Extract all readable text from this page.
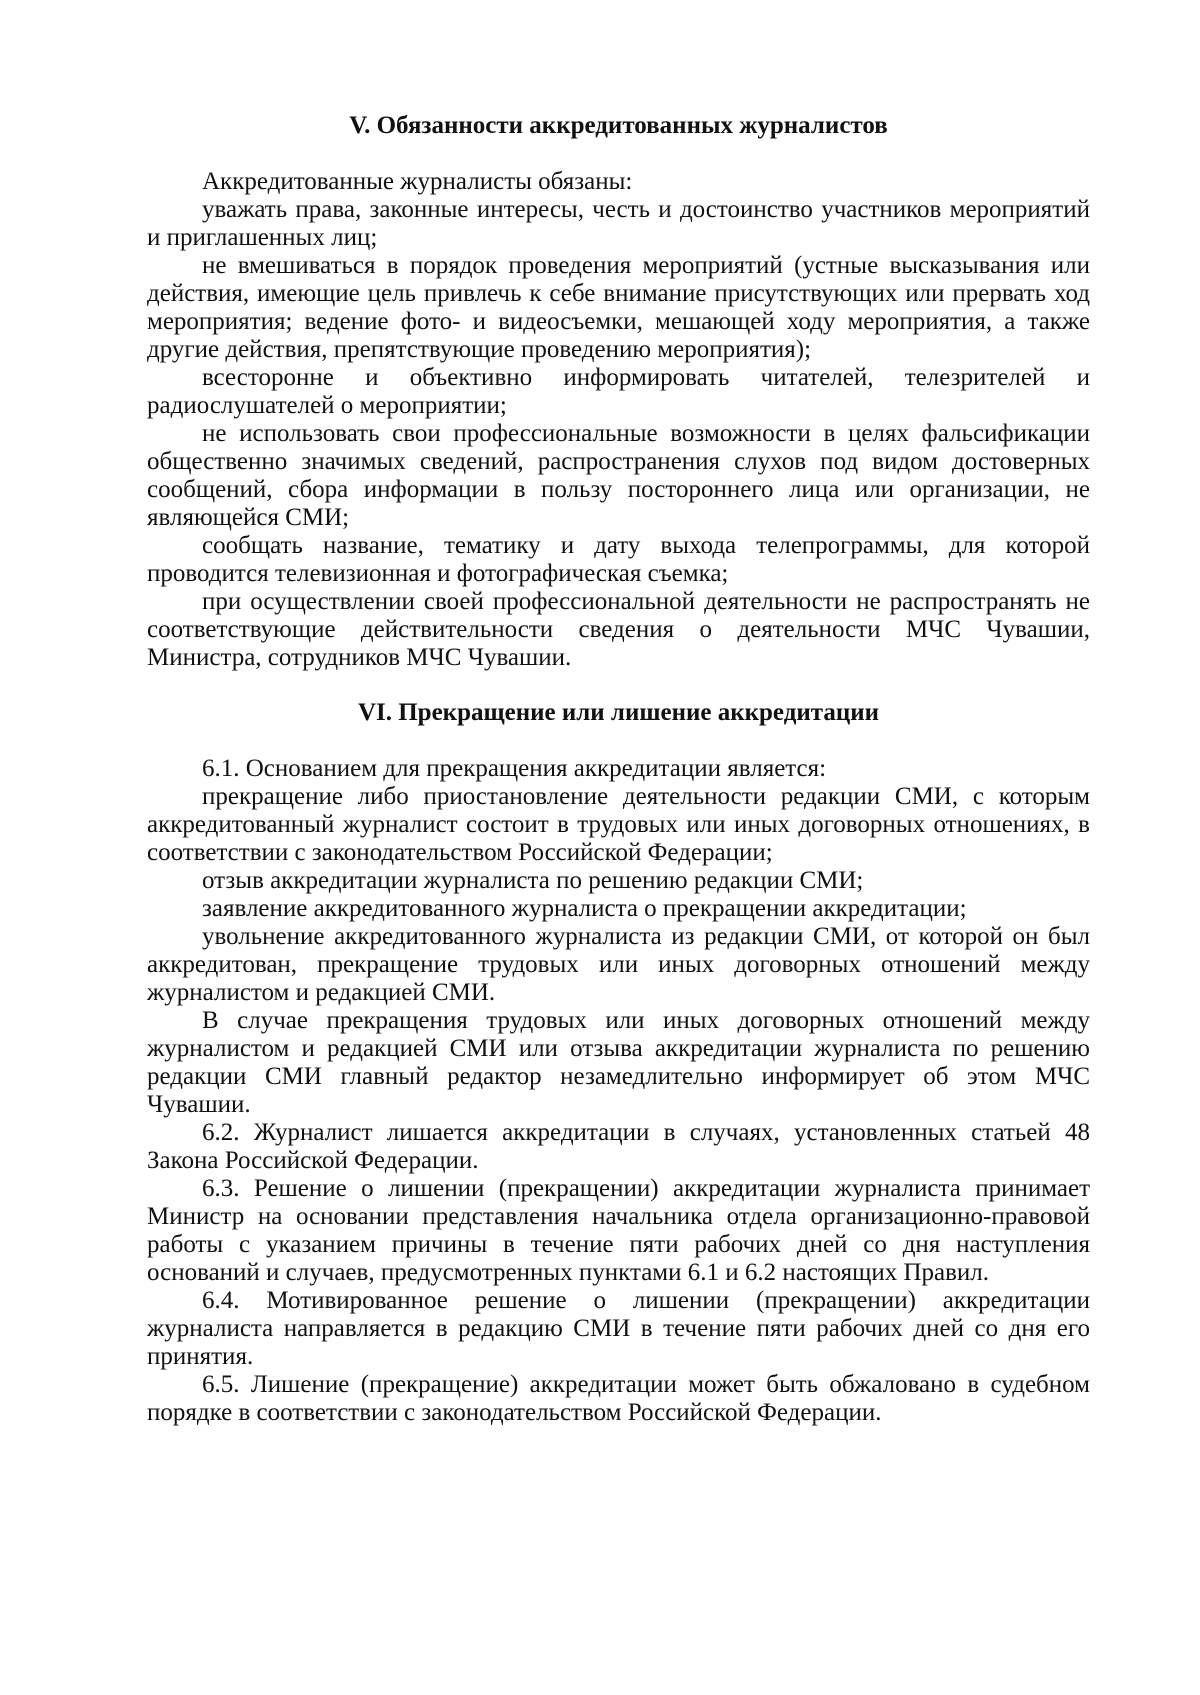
V. Обязанности аккредитованных журналистов

Аккредитованные журналисты обязаны:

уважать права, законные интересы, честь и достоинство участников мероприятий и приглашенных лиц;

не вмешиваться в порядок проведения мероприятий (устные высказывания или действия, имеющие цель привлечь к себе внимание присутствующих или прервать ход мероприятия; ведение фото- и видеосъемки, мешающей ходу мероприятия, а также другие действия, препятствующие проведению мероприятия);

всесторонне и объективно информировать читателей, телезрителей и радиослушателей о мероприятии;

не использовать свои профессиональные возможности в целях фальсификации общественно значимых сведений, распространения слухов под видом достоверных сообщений, сбора информации в пользу постороннего лица или организации, не являющейся СМИ;

сообщать название, тематику и дату выхода телепрограммы, для которой проводится телевизионная и фотографическая съемка;

при осуществлении своей профессиональной деятельности не распространять не соответствующие действительности сведения о деятельности МЧС Чувашии, Министра, сотрудников МЧС Чувашии.

VI. Прекращение или лишение аккредитации

6.1. Основанием для прекращения аккредитации является:

прекращение либо приостановление деятельности редакции СМИ, с которым аккредитованный журналист состоит в трудовых или иных договорных отношениях, в соответствии с законодательством Российской Федерации;

отзыв аккредитации журналиста по решению редакции СМИ;

заявление аккредитованного журналиста о прекращении аккредитации;

увольнение аккредитованного журналиста из редакции СМИ, от которой он был аккредитован, прекращение трудовых или иных договорных отношений между журналистом и редакцией СМИ.

В случае прекращения трудовых или иных договорных отношений между журналистом и редакцией СМИ или отзыва аккредитации журналиста по решению редакции СМИ главный редактор незамедлительно информирует об этом МЧС Чувашии.

6.2. Журналист лишается аккредитации в случаях, установленных статьей 48 Закона Российской Федерации.

6.3. Решение о лишении (прекращении) аккредитации журналиста принимает Министр на основании представления начальника отдела организационно-правовой работы с указанием причины в течение пяти рабочих дней со дня наступления оснований и случаев, предусмотренных пунктами 6.1 и 6.2 настоящих Правил.

6.4. Мотивированное решение о лишении (прекращении) аккредитации журналиста направляется в редакцию СМИ в течение пяти рабочих дней со дня его принятия.

6.5. Лишение (прекращение) аккредитации может быть обжаловано в судебном порядке в соответствии с законодательством Российской Федерации.
